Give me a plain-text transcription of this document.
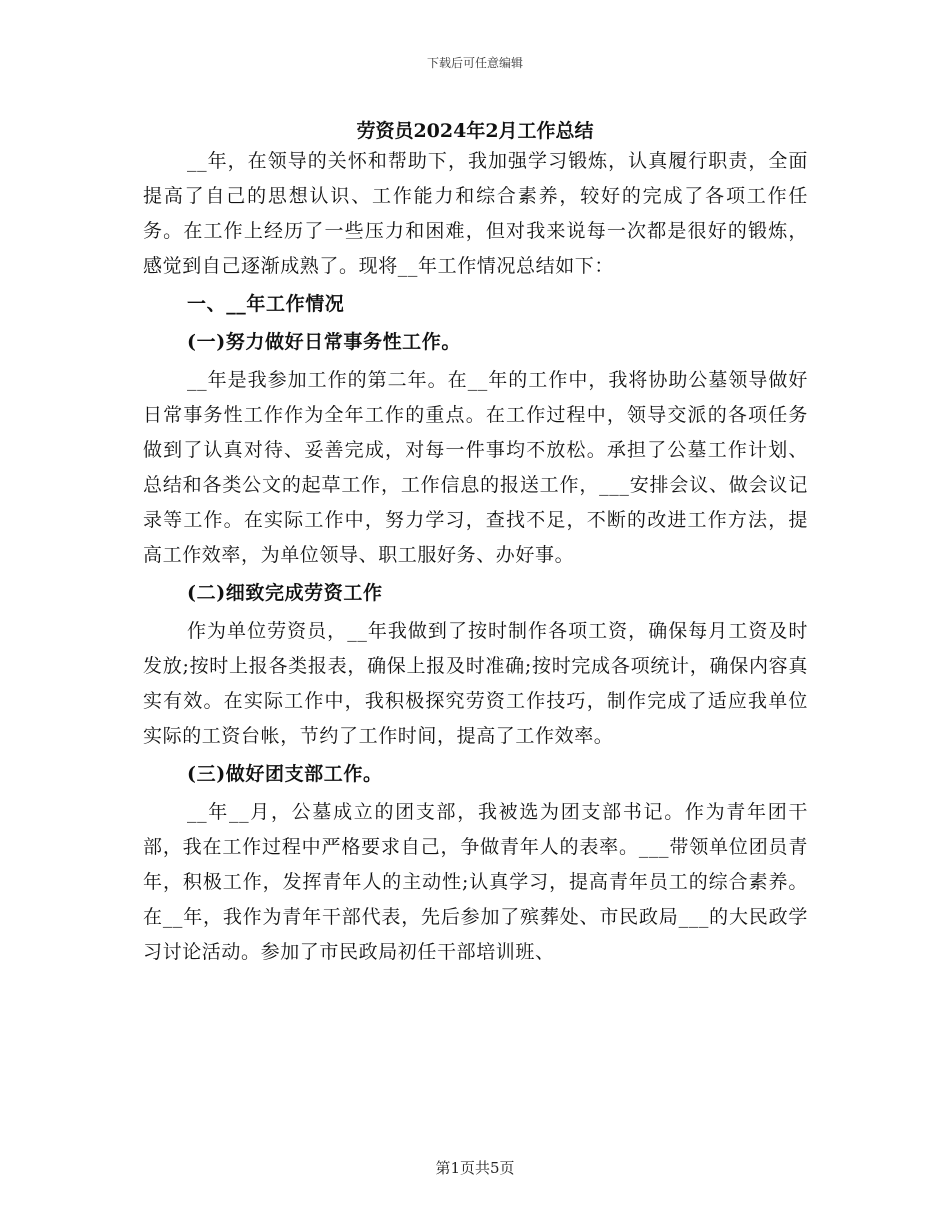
下载后可任意编辑
劳资员2024年2月工作总结

__年，在领导的关怀和帮助下，我加强学习锻炼，认真履行职责，全面提高了自己的思想认识、工作能力和综合素养，较好的完成了各项工作任务。在工作上经历了一些压力和困难，但对我来说每一次都是很好的锻炼，感觉到自己逐渐成熟了。现将__年工作情况总结如下：

一、__年工作情况

(一)努力做好日常事务性工作。

__年是我参加工作的第二年。在__年的工作中，我将协助公墓领导做好日常事务性工作作为全年工作的重点。在工作过程中，领导交派的各项任务做到了认真对待、妥善完成，对每一件事均不放松。承担了公墓工作计划、总结和各类公文的起草工作，工作信息的报送工作，___安排会议、做会议记录等工作。在实际工作中，努力学习，查找不足，不断的改进工作方法，提高工作效率，为单位领导、职工服好务、办好事。

(二)细致完成劳资工作

作为单位劳资员，__年我做到了按时制作各项工资，确保每月工资及时发放;按时上报各类报表，确保上报及时准确;按时完成各项统计，确保内容真实有效。在实际工作中，我积极探究劳资工作技巧，制作完成了适应我单位实际的工资台帐，节约了工作时间，提高了工作效率。

(三)做好团支部工作。

__年__月，公墓成立的团支部，我被选为团支部书记。作为青年团干部，我在工作过程中严格要求自己，争做青年人的表率。___带领单位团员青年，积极工作，发挥青年人的主动性;认真学习，提高青年员工的综合素养。在__年，我作为青年干部代表，先后参加了殡葬处、市民政局___的大民政学习讨论活动。参加了市民政局初任干部培训班、

第1页共5页
